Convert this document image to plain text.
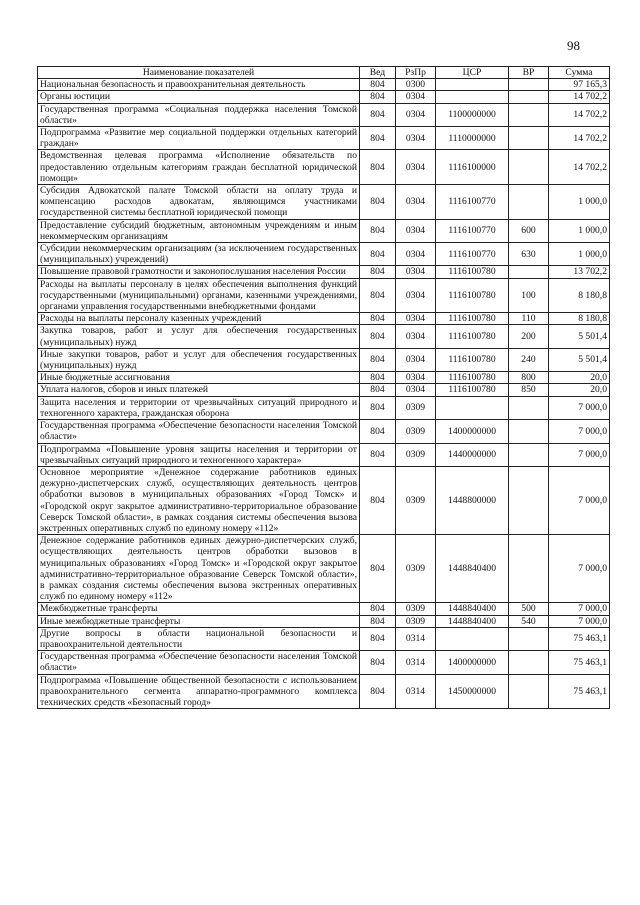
98
Наименование показателей	Вед	РзПр	ЦСР	ВР	Сумма
Национальная безопасность и правоохранительная деятельность	804	0300			97 165,3
Органы юстиции	804	0304			14 702,2
Государственная программа «Социальная поддержка населения Томской области»	804	0304	1100000000		14 702,2
Подпрограмма «Развитие мер социальной поддержки отдельных категорий граждан»	804	0304	1110000000		14 702,2
Ведомственная целевая программа «Исполнение обязательств по предоставлению отдельным категориям граждан бесплатной юридической помощи»	804	0304	1116100000		14 702,2
Субсидия Адвокатской палате Томской области на оплату труда и компенсацию расходов адвокатам, являющимся участниками государственной системы бесплатной юридической помощи	804	0304	1116100770		1 000,0
Предоставление субсидий бюджетным, автономным учреждениям и иным некоммерческим организациям	804	0304	1116100770	600	1 000,0
Субсидии некоммерческим организациям (за исключением государственных (муниципальных) учреждений)	804	0304	1116100770	630	1 000,0
Повышение правовой грамотности и законопослушания населения России	804	0304	1116100780		13 702,2
Расходы на выплаты персоналу в целях обеспечения выполнения функций государственными (муниципальными) органами, казенными учреждениями, органами управления государственными внебюджетными фондами	804	0304	1116100780	100	8 180,8
Расходы на выплаты персоналу казенных учреждений	804	0304	1116100780	110	8 180,8
Закупка товаров, работ и услуг для обеспечения государственных (муниципальных) нужд	804	0304	1116100780	200	5 501,4
Иные закупки товаров, работ и услуг для обеспечения государственных (муниципальных) нужд	804	0304	1116100780	240	5 501,4
Иные бюджетные ассигнования	804	0304	1116100780	800	20,0
Уплата налогов, сборов и иных платежей	804	0304	1116100780	850	20,0
Защита населения и территории от чрезвычайных ситуаций природного и техногенного характера, гражданская оборона	804	0309			7 000,0
Государственная программа «Обеспечение безопасности населения Томской области»	804	0309	1400000000		7 000,0
Подпрограмма «Повышение уровня защиты населения и территории от чрезвычайных ситуаций природного и техногенного характера»	804	0309	1440000000		7 000,0
Основное мероприятие «Денежное содержание работников единых дежурно-диспетчерских служб, осуществляющих деятельность центров обработки вызовов в муниципальных образованиях «Город Томск» и «Городской округ закрытое административно-территориальное образование Северск Томской области», в рамках создания системы обеспечения вызова экстренных оперативных служб по единому номеру «112»	804	0309	1448800000		7 000,0
Денежное содержание работников единых дежурно-диспетчерских служб, осуществляющих деятельность центров обработки вызовов в муниципальных образованиях «Город Томск» и «Городской округ закрытое административно-территориальное образование Северск Томской области», в рамках создания системы обеспечения вызова экстренных оперативных служб по единому номеру «112»	804	0309	1448840400		7 000,0
Межбюджетные трансферты	804	0309	1448840400	500	7 000,0
Иные межбюджетные трансферты	804	0309	1448840400	540	7 000,0
Другие вопросы в области национальной безопасности и правоохранительной деятельности	804	0314			75 463,1
Государственная программа «Обеспечение безопасности населения Томской области»	804	0314	1400000000		75 463,1
Подпрограмма «Повышение общественной безопасности с использованием правоохранительного сегмента аппаратно-программного комплекса технических средств «Безопасный город»	804	0314	1450000000		75 463,1
